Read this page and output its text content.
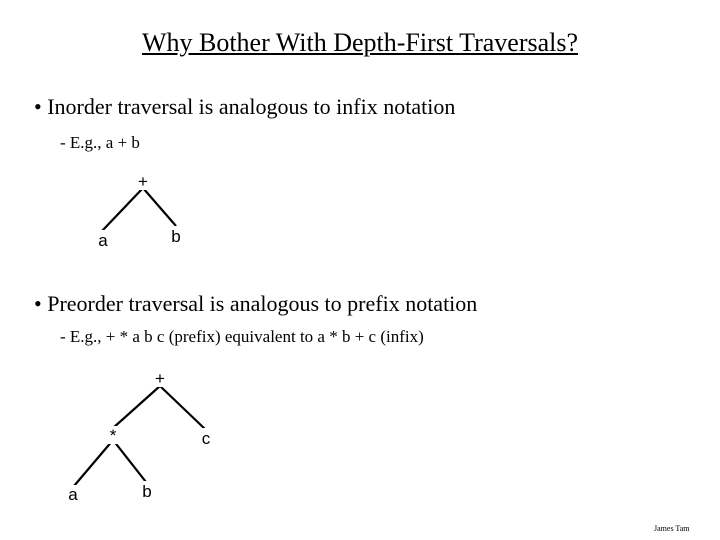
Why Bother With Depth-First Traversals?
• Inorder traversal is analogous to infix notation
- E.g., a + b
+
a	b
+
*	c
a	b
• Preorder traversal is analogous to prefix notation
- E.g., + * a b c (prefix) equivalent to a * b + c (infix)
James Tam
